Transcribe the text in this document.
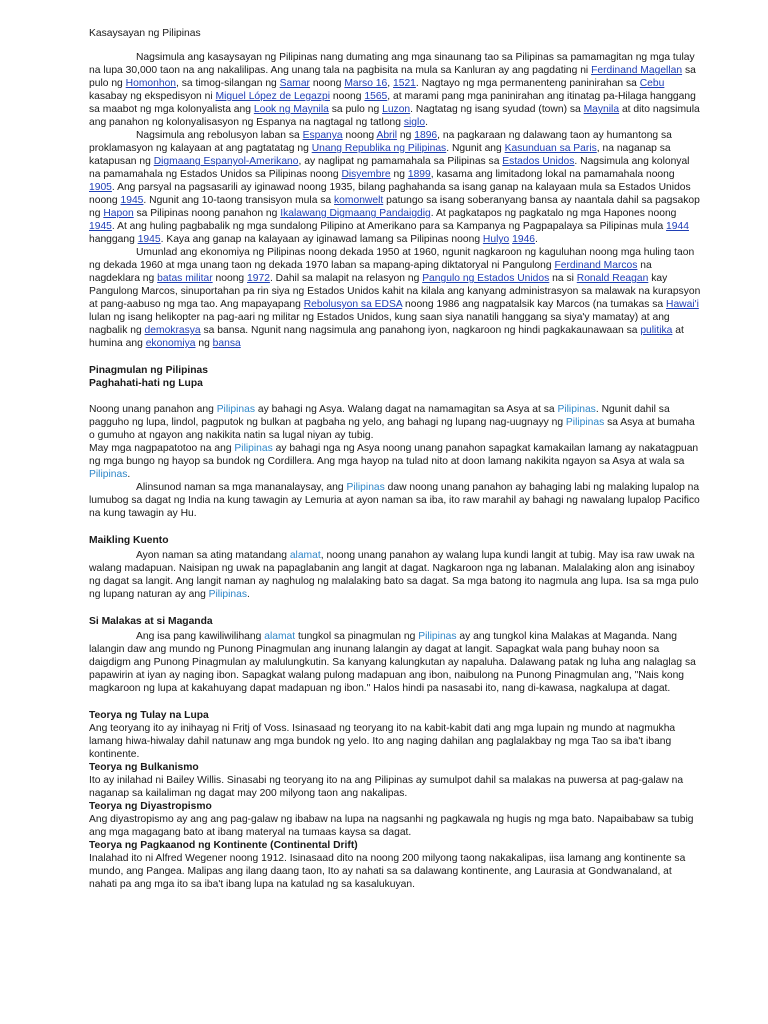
Kasaysayan ng Pilipinas

Nagsimula ang kasaysayan ng Pilipinas nang dumating ang mga sinaunang tao sa Pilipinas sa pamamagitan ng mga tulay na lupa 30,000 taon na ang nakalilipas. Ang unang tala na pagbisita na mula sa Kanluran ay ang pagdating ni Ferdinand Magellan sa pulo ng Homonhon, sa timog-silangan ng Samar noong Marso 16, 1521. Nagtayo ng mga permanenteng paninirahan sa Cebu kasabay ng ekspedisyon ni Miguel López de Legazpi noong 1565, at marami pang mga paninirahan ang itinatag pa-Hilaga hanggang sa maabot ng mga kolonyalista ang Look ng Maynila sa pulo ng Luzon. Nagtatag ng isang syudad (town) sa Maynila at dito nagsimula ang panahon ng kolonyalisasyon ng Espanya na nagtagal ng tatlong siglo.

Nagsimula ang rebolusyon laban sa Espanya noong Abril ng 1896, na pagkaraan ng dalawang taon ay humantong sa proklamasyon ng kalayaan at ang pagtatatag ng Unang Republika ng Pilipinas. Ngunit ang Kasunduan sa Paris, na naganap sa katapusan ng Digmaang Espanyol-Amerikano, ay naglipat ng pamamahala sa Pilipinas sa Estados Unidos. Nagsimula ang kolonyal na pamamahala ng Estados Unidos sa Pilipinas noong Disyembre ng 1899, kasama ang limitadong lokal na pamamahala noong 1905. Ang parsyal na pagsasarili ay iginawad noong 1935, bilang paghahanda sa isang ganap na kalayaan mula sa Estados Unidos noong 1945. Ngunit ang 10-taong transisyon mula sa komonwelt patungo sa isang soberanyang bansa ay naantala dahil sa pagsakop ng Hapon sa Pilipinas noong panahon ng Ikalawang Digmaang Pandaigdig. At pagkatapos ng pagkatalo ng mga Hapones noong 1945. At ang huling pagbabalik ng mga sundalong Pilipino at Amerikano para sa Kampanya ng Pagpapalaya sa Pilipinas mula 1944 hanggang 1945. Kaya ang ganap na kalayaan ay iginawad lamang sa Pilipinas noong Hulyo 1946.

Umunlad ang ekonomiya ng Pilipinas noong dekada 1950 at 1960, ngunit nagkaroon ng kaguluhan noong mga huling taon ng dekada 1960 at mga unang taon ng dekada 1970 laban sa mapang-aping diktatoryal ni Pangulong Ferdinand Marcos na nagdeklara ng batas militar noong 1972. Dahil sa malapit na relasyon ng Pangulo ng Estados Unidos na si Ronald Reagan kay Pangulong Marcos, sinuportahan pa rin siya ng Estados Unidos kahit na kilala ang kanyang administrasyon sa malawak na kurapsyon at pang-aabuso ng mga tao. Ang mapayapang Rebolusyon sa EDSA noong 1986 ang nagpatalsik kay Marcos (na tumakas sa Hawai'i lulan ng isang helikopter na pag-aari ng militar ng Estados Unidos, kung saan siya nanatili hanggang sa siya'y mamatay) at ang nagbalik ng demokrasya sa bansa. Ngunit nang nagsimula ang panahong iyon, nagkaroon ng hindi pagkakaunawaan sa pulitika at humina ang ekonomiya ng bansa

Pinagmulan ng Pilipinas
Paghahati-hati ng Lupa

Noong unang panahon ang Pilipinas ay bahagi ng Asya. Walang dagat na namamagitan sa Asya at sa Pilipinas. Ngunit dahil sa pagguho ng lupa, lindol, pagputok ng bulkan at pagbaha ng yelo, ang bahagi ng lupang nag-uugnayy ng Pilipinas sa Asya at bumaha o gumuho at ngayon ang nakikita natin sa lugal niyan ay tubig.

May mga nagpapatotoo na ang Pilipinas ay bahagi nga ng Asya noong unang panahon sapagkat kamakailan lamang ay nakatagpuan ng mga bungo ng hayop sa bundok ng Cordillera. Ang mga hayop na tulad nito at doon lamang nakikita ngayon sa Asya at wala sa Pilipinas.

Alinsunod naman sa mga mananalaysay, ang Pilipinas daw noong unang panahon ay bahaging labi ng malaking lupalop na lumubog sa dagat ng India na kung tawagin ay Lemuria at ayon naman sa iba, ito raw marahil ay bahagi ng nawalang lupalop Pacifico na kung tawagin ay Hu.

Maikling Kuento

Ayon naman sa ating matandang alamat, noong unang panahon ay walang lupa kundi langit at tubig. May isa raw uwak na walang madapuan. Naisipan ng uwak na papaglabanin ang langit at dagat. Nagkaroon nga ng labanan. Malalaking alon ang isinaboy ng dagat sa langit. Ang langit naman ay naghulog ng malalaking bato sa dagat. Sa mga batong ito nagmula ang lupa. Isa sa mga pulo ng lupang naturan ay ang Pilipinas.

Si Malakas at si Maganda

Ang isa pang kawiliwilihang alamat tungkol sa pinagmulan ng Pilipinas ay ang tungkol kina Malakas at Maganda. Nang lalangin daw ang mundo ng Punong Pinagmulan ang inunang lalangin ay dagat at langit. Sapagkat wala pang buhay noon sa daigdigm ang Punong Pinagmulan ay malulungkutin. Sa kanyang kalungkutan ay napaluha. Dalawang patak ng luha ang nalaglag sa papawirin at iyan ay naging ibon. Sapagkat walang pulong madapuan ang ibon, naibulong na Punong Pinagmulan ang, "Nais kong magkaroon ng lupa at kakahuyang dapat madapuan ng ibon." Halos hindi pa nasasabi ito, nang di-kawasa, nagkalupa at dagat.

Teorya ng Tulay na Lupa

Ang teoryang ito ay inihayag ni Fritj of Voss. Isinasaad ng teoryang ito na kabit-kabit dati ang mga lupain ng mundo at nagmukha lamang hiwa-hiwalay dahil natunaw ang mga bundok ng yelo. Ito ang naging dahilan ang paglalakbay ng mga Tao sa iba't ibang kontinente.

Teorya ng Bulkanismo

Ito ay inilahad ni Bailey Willis. Sinasabi ng teoryang ito na ang Pilipinas ay sumulpot dahil sa malakas na puwersa at pag-galaw na naganap sa kailaliman ng dagat may 200 milyong taon ang nakalipas.

Teorya ng Diyastropismo

Ang diyastropismo ay ang ang pag-galaw ng ibabaw na lupa na nagsanhi ng pagkawala ng hugis ng mga bato. Napaibabaw sa tubig ang mga magagang bato at ibang materyal na tumaas kaysa sa dagat.

Teorya ng Pagkaanod ng Kontinente (Continental Drift)

Inalahad ito ni Alfred Wegener noong 1912. Isinasaad dito na noong 200 milyong taong nakakalipas, iisa lamang ang kontinente sa mundo, ang Pangea. Malipas ang ilang daang taon, Ito ay nahati sa sa dalawang kontinente, ang Laurasia at Gondwanaland, at nahati pa ang mga ito sa iba't ibang lupa na katulad ng sa kasalukuyan.
